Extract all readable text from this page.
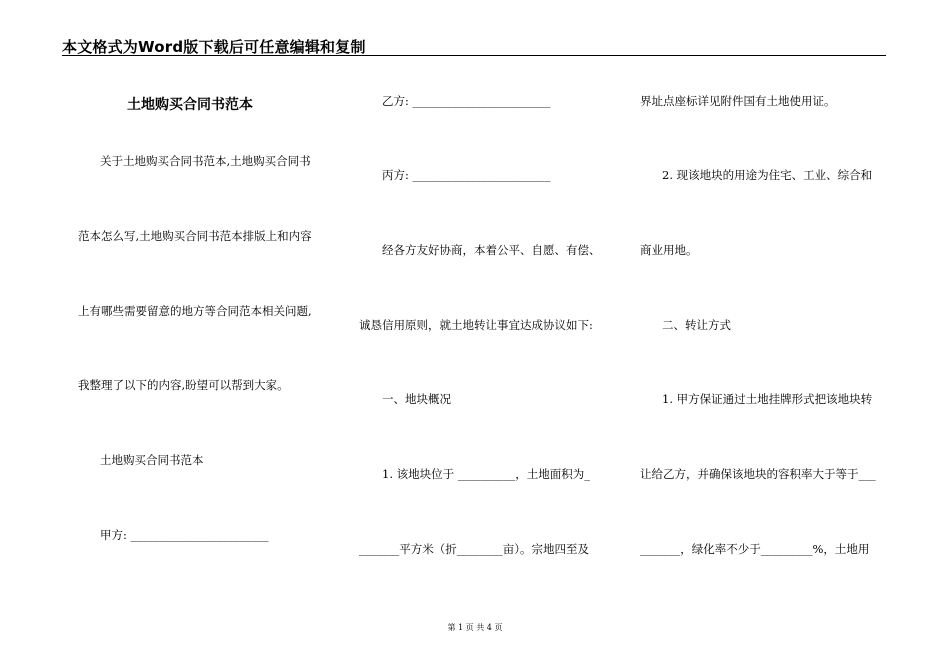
本文格式为Word版下载后可任意编辑和复制
土地购买合同书范本
关于土地购买合同书范本,土地购买合同书
范本怎么写,土地购买合同书范本排版上和内容
上有哪些需要留意的地方等合同范本相关问题,
我整理了以下的内容,盼望可以帮到大家。
土地购买合同书范本
甲方: ________________________
乙方: ________________________
丙方: ________________________
经各方友好协商，本着公平、自愿、有偿、
诚恳信用原则，就土地转让事宜达成协议如下:
一、地块概况
1. 该地块位于 __________，土地面积为_
_______平方米（折________亩）。宗地四至及
界址点座标详见附件国有土地使用证。
2. 现该地块的用途为住宅、工业、综合和
商业用地。
二、转让方式
1. 甲方保证通过土地挂牌形式把该地块转
让给乙方，并确保该地块的容积率大于等于___
_______，绿化率不少于_________%，土地用
第 1 页 共 4 页
